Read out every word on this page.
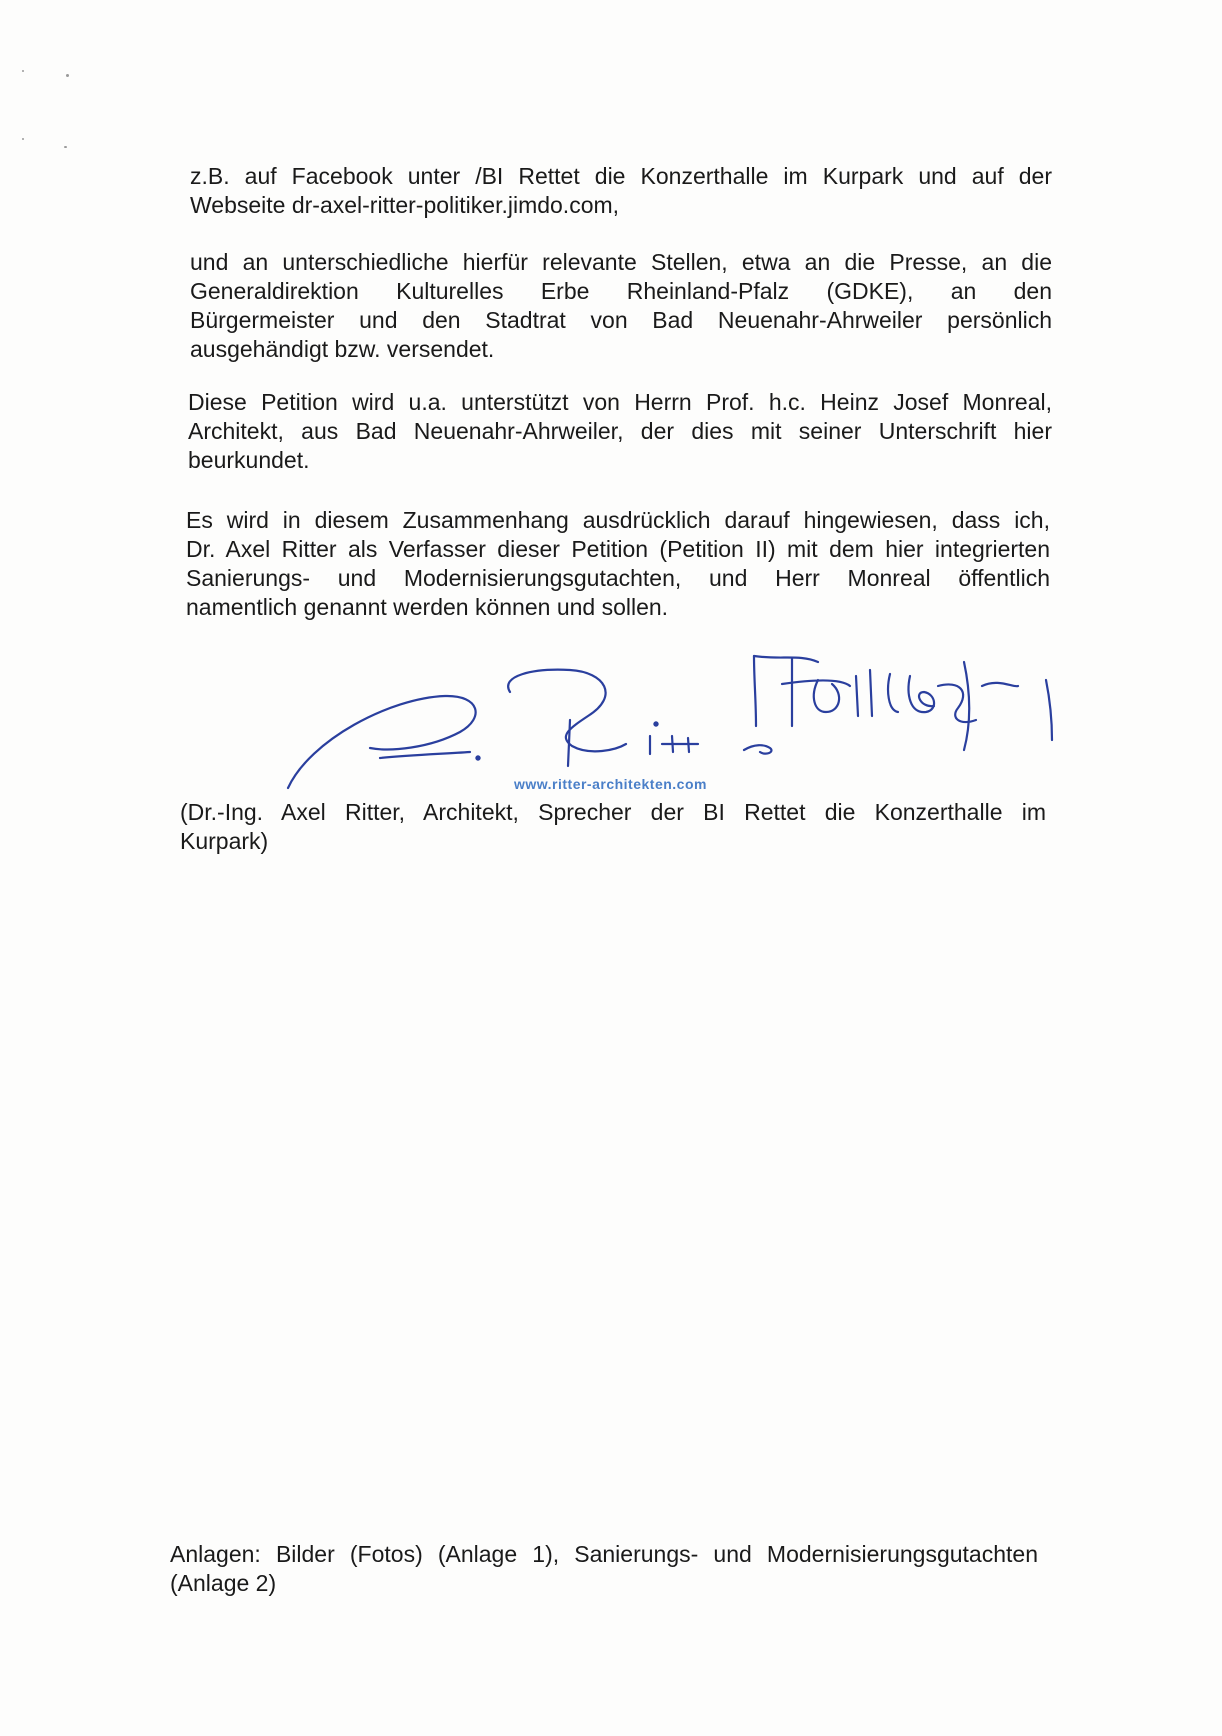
z.B. auf Facebook unter /BI Rettet die Konzerthalle im Kurpark und auf der
Webseite dr-axel-ritter-politiker.jimdo.com,

und an unterschiedliche hierfür relevante Stellen, etwa an die Presse, an die
Generaldirektion Kulturelles Erbe Rheinland-Pfalz (GDKE), an den
Bürgermeister und den Stadtrat von Bad Neuenahr-Ahrweiler persönlich
ausgehändigt bzw. versendet.

Diese Petition wird u.a. unterstützt von Herrn Prof. h.c. Heinz Josef Monreal,
Architekt, aus Bad Neuenahr-Ahrweiler, der dies mit seiner Unterschrift hier
beurkundet.

Es wird in diesem Zusammenhang ausdrücklich darauf hingewiesen, dass ich,
Dr. Axel Ritter als Verfasser dieser Petition (Petition II) mit dem hier integrierten
Sanierungs- und Modernisierungsgutachten, und Herr Monreal öffentlich
namentlich genannt werden können und sollen.

www.ritter-architekten.com

(Dr.-Ing. Axel Ritter, Architekt, Sprecher der BI Rettet die Konzerthalle im
Kurpark)

Anlagen: Bilder (Fotos) (Anlage 1), Sanierungs- und Modernisierungsgutachten
(Anlage 2)
